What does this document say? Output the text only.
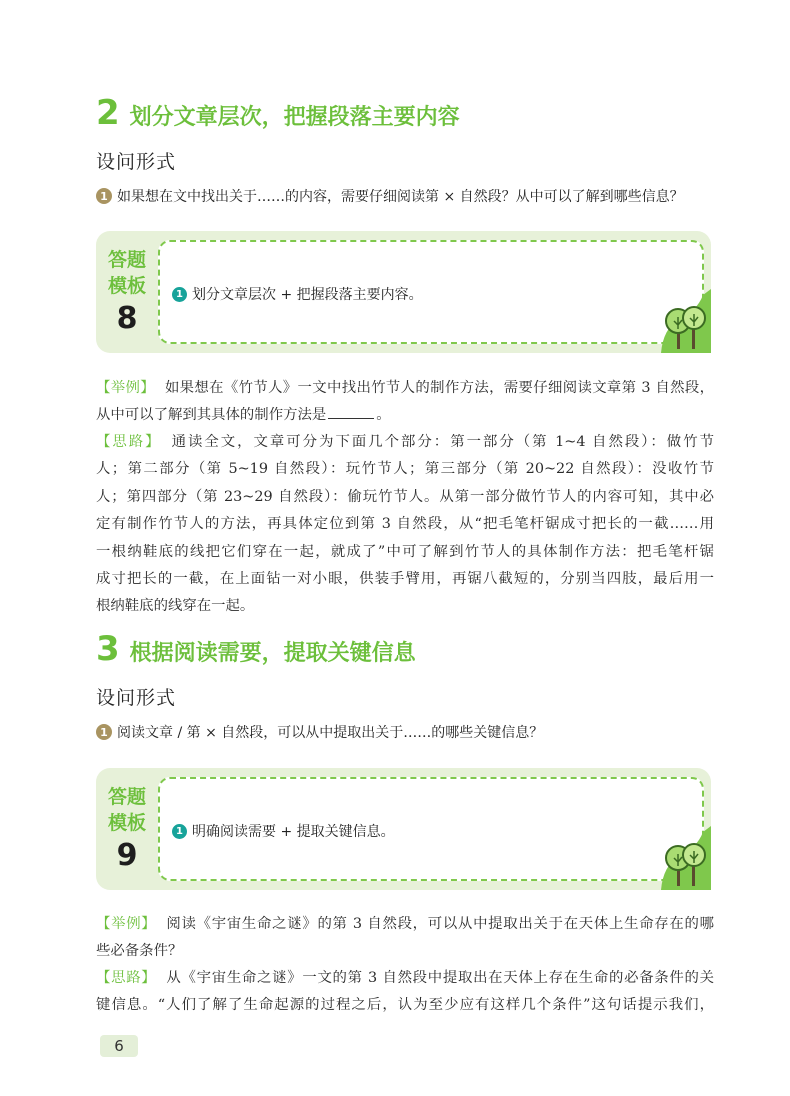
2 划分文章层次，把握段落主要内容
设问形式
1 如果想在文中找出关于……的内容，需要仔细阅读第 × 自然段？从中可以了解到哪些信息？
答题
模板
8
1 划分文章层次 + 把握段落主要内容。
【举例】 如果想在《竹节人》一文中找出竹节人的制作方法，需要仔细阅读文章第 3 自然段，
从中可以了解到其具体的制作方法是	。
【思路】 通读全文，文章可分为下面几个部分：第一部分（第 1~4 自然段）：做竹节
人；第二部分（第 5~19 自然段）：玩竹节人；第三部分（第 20~22 自然段）：没收竹节
人；第四部分（第 23~29 自然段）：偷玩竹节人。从第一部分做竹节人的内容可知，其中必
定有制作竹节人的方法，再具体定位到第 3 自然段，从“把毛笔杆锯成寸把长的一截……用
一根纳鞋底的线把它们穿在一起，就成了”中可了解到竹节人的具体制作方法：把毛笔杆锯
成寸把长的一截，在上面钻一对小眼，供装手臂用，再锯八截短的，分别当四肢，最后用一
根纳鞋底的线穿在一起。
3 根据阅读需要，提取关键信息
设问形式
1 阅读文章 / 第 × 自然段，可以从中提取出关于……的哪些关键信息？
答题
模板
9
1 明确阅读需要 + 提取关键信息。
【举例】 阅读《宇宙生命之谜》的第 3 自然段，可以从中提取出关于在天体上生命存在的哪
些必备条件？
【思路】 从《宇宙生命之谜》一文的第 3 自然段中提取出在天体上存在生命的必备条件的关
键信息。“人们了解了生命起源的过程之后，认为至少应有这样几个条件”这句话提示我们，
6
